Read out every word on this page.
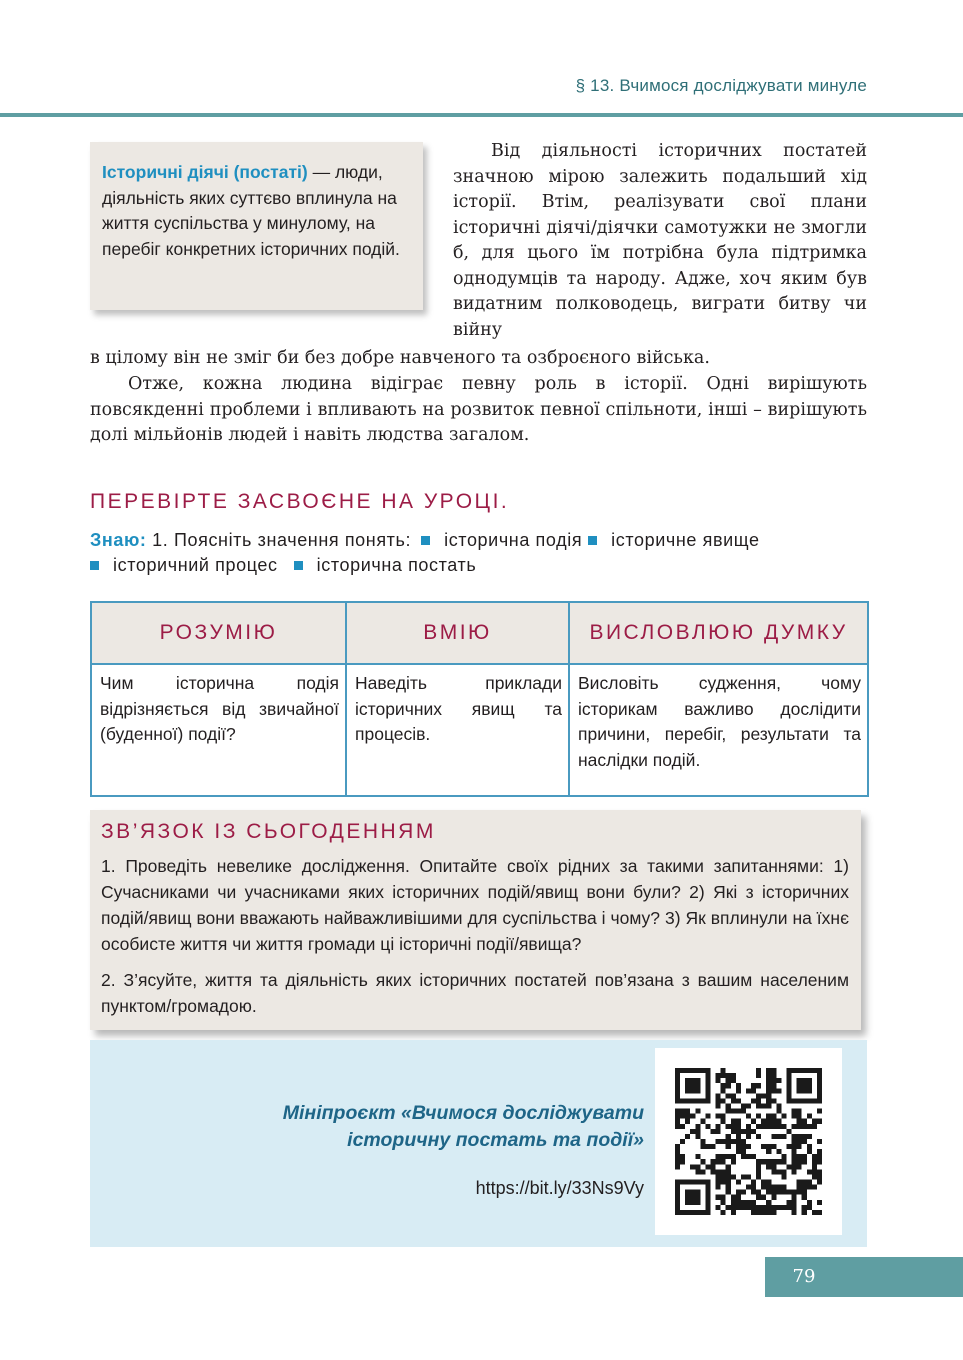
§ 13. Вчимося досліджувати минуле
Історичні діячі (постаті) — люди, діяльність яких суттєво вплинула на життя суспільства у минулому, на перебіг конкретних історичних подій.

Від діяльності історичних постатей значною мірою залежить подальший хід історії. Втім, реалізувати свої плани історичні діячі/діячки самотужки не змогли б, для цього їм потрібна була підтримка однодумців та народу. Адже, хоч яким був видатним полководець, виграти битву чи війну

в цілому він не зміг би без добре навченого та озброєного війська.

Отже, кожна людина відіграє певну роль в історії. Одні вирішують повсякденні проблеми і впливають на розвиток певної спільноти, інші – вирішують долі мільйонів людей і навіть людства загалом.

ПЕРЕВІРТЕ ЗАСВОЄНЕ НА УРОЦІ.
Знаю: 1. Поясніть значення понять: історична подія історичне явище
історичний процес історична постать
РОЗУМІЮ	ВМІЮ	ВИСЛОВЛЮЮ ДУМКУ
Чим історична подія відрізняється від звичайної (буденної) події?	Наведіть приклади історичних явищ та процесів.	Висловіть судження, чому історикам важливо дослідити причини, перебіг, результати та наслідки подій.
ЗВ’ЯЗОК ІЗ СЬОГОДЕННЯМ

1. Проведіть невелике дослідження. Опитайте своїх рідних за такими запитаннями: 1) Сучасниками чи учасниками яких історичних подій/явищ вони були? 2) Які з історичних подій/явищ вони вважають найважливішими для суспільства і чому? 3) Як вплинули на їхнє особисте життя чи життя громади ці історичні події/явища?

2. З’ясуйте, життя та діяльність яких історичних постатей пов’язана з вашим населеним пунктом/громадою.

Мініпроєкт «Вчимося досліджувати
історичну постать та події»
https://bit.ly/33Ns9Vy
79
